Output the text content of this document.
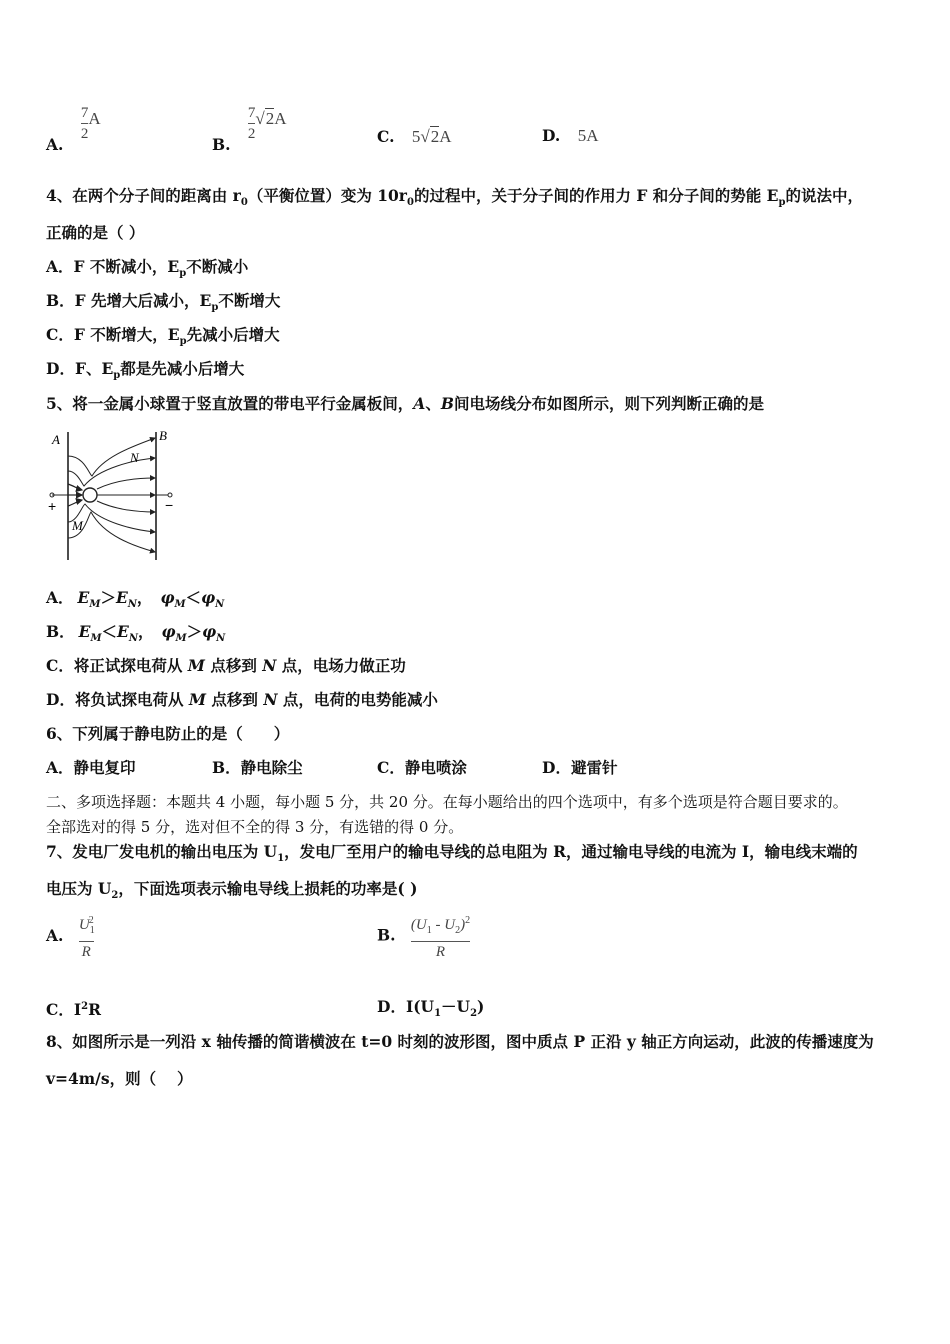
A.
$\frac{7}{2}$ A
B.
$\frac{7}{2} √2A$
C. 5√2A	D. 5A
4、在两个分子间的距离由 $r_0$（平衡位置）变为 $10r_0$的过程中，关于分子间的作用力 F 和分子间的势能 $E_p$的说法中，
正确的是（ ）
A．F 不断减小，$E_p$不断减小
B．F 先增大后减小，$E_p$不断增大
C．F 不断增大，$E_p$先减小后增大
D．F、$E_p$都是先减小后增大
5、将一金属小球置于竖直放置的带电平行金属板间，A、B间电场线分布如图所示，则下列判断正确的是
A	B
N
M
+	−
A． $E_M>E_N$， $\varphi_M<\varphi_N$
B． $E_M<E_N$， $\varphi_M>\varphi_N$
C．将正试探电荷从 M 点移到 N 点，电场力做正功
D．将负试探电荷从 M 点移到 N 点，电荷的电势能减小
6、下列属于静电防止的是（　　）
A．静电复印	B．静电除尘	C．静电喷涂	D．避雷针
二、多项选择题：本题共 4 小题，每小题 5 分，共 20 分。在每小题给出的四个选项中，有多个选项是符合题目要求的。
全部选对的得 5 分，选对但不全的得 3 分，有选错的得 0 分。
7、发电厂发电机的输出电压为 $U_1$，发电厂至用户的输电导线的总电阻为 R，通过输电导线的电流为 I，输电线末端的
电压为 $U_2$，下面选项表示输电导线上损耗的功率是( )
A. $\frac{U_1^2}{R}$	B. $\frac{(U_1 - U_2)^2}{R}$
C．$I^2R$	D．$I(U_1-U_2)$
8、如图所示是一列沿 x 轴传播的简谐横波在 t=0 时刻的波形图，图中质点 P 正沿 y 轴正方向运动，此波的传播速度为
v=4m/s，则（　 ）
